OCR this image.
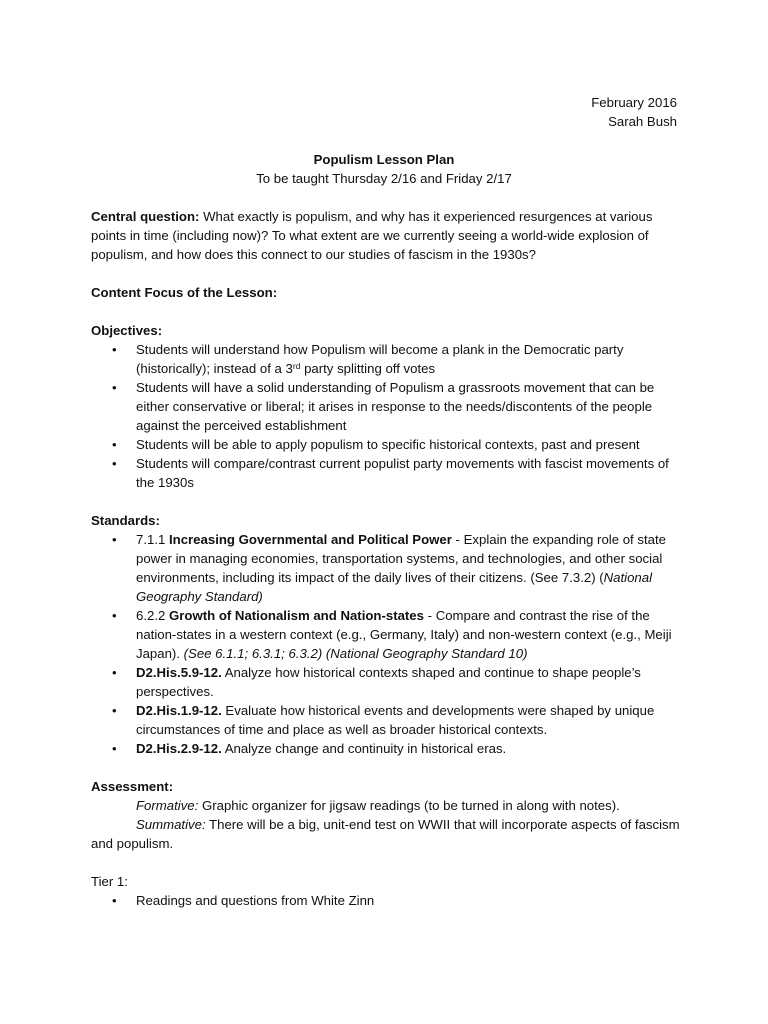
February 2016
Sarah Bush
Populism Lesson Plan
To be taught Thursday 2/16 and Friday 2/17

Central question: What exactly is populism, and why has it experienced resurgences at various points in time (including now)? To what extent are we currently seeing a world-wide explosion of populism, and how does this connect to our studies of fascism in the 1930s?

Content Focus of the Lesson:

Objectives:

• Students will understand how Populism will become a plank in the Democratic party (historically); instead of a 3rd party splitting off votes
• Students will have a solid understanding of Populism a grassroots movement that can be either conservative or liberal; it arises in response to the needs/discontents of the people against the perceived establishment
• Students will be able to apply populism to specific historical contexts, past and present
• Students will compare/contrast current populist party movements with fascist movements of the 1930s

Standards:

• 7.1.1 Increasing Governmental and Political Power - Explain the expanding role of state power in managing economies, transportation systems, and technologies, and other social environments, including its impact of the daily lives of their citizens. (See 7.3.2) (National Geography Standard)
• 6.2.2 Growth of Nationalism and Nation-states - Compare and contrast the rise of the nation-states in a western context (e.g., Germany, Italy) and non-western context (e.g., Meiji Japan). (See 6.1.1; 6.3.1; 6.3.2) (National Geography Standard 10)
• D2.His.5.9-12. Analyze how historical contexts shaped and continue to shape people’s perspectives.
• D2.His.1.9-12. Evaluate how historical events and developments were shaped by unique circumstances of time and place as well as broader historical contexts.
• D2.His.2.9-12. Analyze change and continuity in historical eras.

Assessment:

Formative: Graphic organizer for jigsaw readings (to be turned in along with notes).

Summative: There will be a big, unit-end test on WWII that will incorporate aspects of fascism and populism.

Tier 1:

• Readings and questions from White Zinn
